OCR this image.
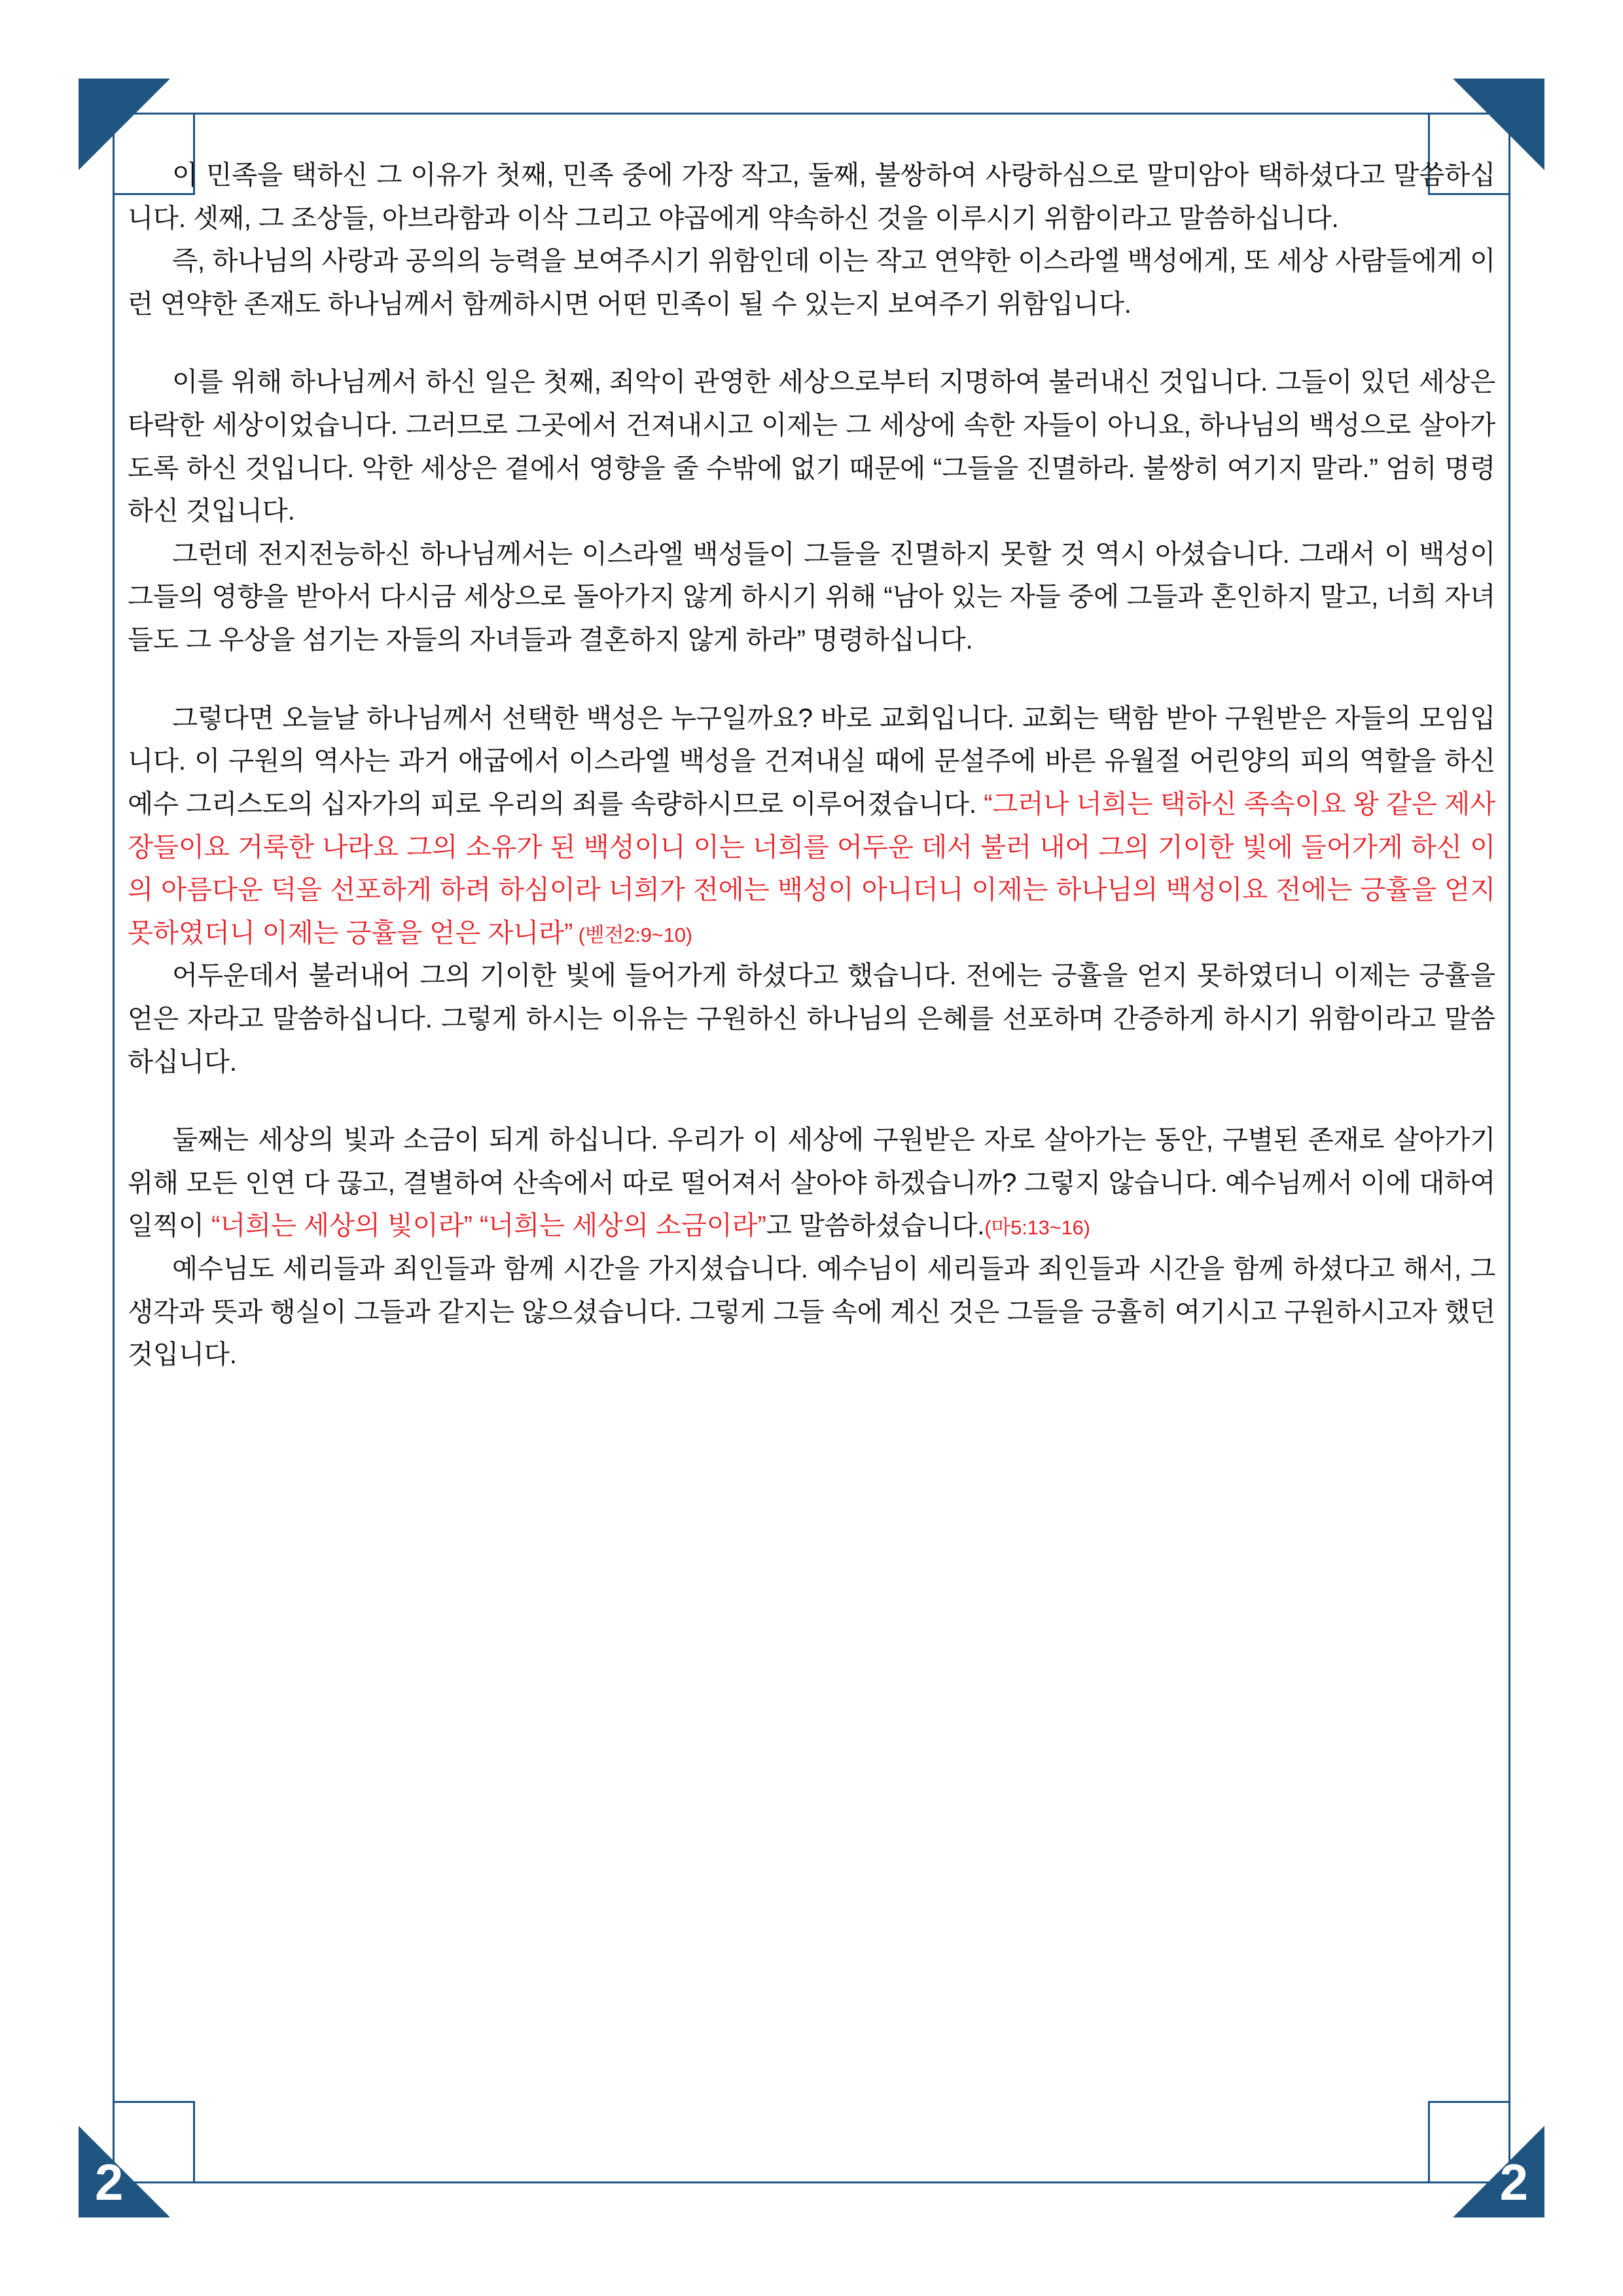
2	2

이 민족을 택하신 그 이유가 첫째, 민족 중에 가장 작고, 둘째, 불쌍하여 사랑하심으로 말미암아 택하셨다고 말씀하십니다. 셋째, 그 조상들, 아브라함과 이삭 그리고 야곱에게 약속하신 것을 이루시기 위함이라고 말씀하십니다.

즉, 하나님의 사랑과 공의의 능력을 보여주시기 위함인데 이는 작고 연약한 이스라엘 백성에게, 또 세상 사람들에게 이런 연약한 존재도 하나님께서 함께하시면 어떤 민족이 될 수 있는지 보여주기 위함입니다.

이를 위해 하나님께서 하신 일은 첫째, 죄악이 관영한 세상으로부터 지명하여 불러내신 것입니다. 그들이 있던 세상은 타락한 세상이었습니다. 그러므로 그곳에서 건져내시고 이제는 그 세상에 속한 자들이 아니요, 하나님의 백성으로 살아가도록 하신 것입니다. 악한 세상은 곁에서 영향을 줄 수밖에 없기 때문에 “그들을 진멸하라. 불쌍히 여기지 말라.” 엄히 명령하신 것입니다.

그런데 전지전능하신 하나님께서는 이스라엘 백성들이 그들을 진멸하지 못할 것 역시 아셨습니다. 그래서 이 백성이 그들의 영향을 받아서 다시금 세상으로 돌아가지 않게 하시기 위해 “남아 있는 자들 중에 그들과 혼인하지 말고, 너희 자녀들도 그 우상을 섬기는 자들의 자녀들과 결혼하지 않게 하라” 명령하십니다.

그렇다면 오늘날 하나님께서 선택한 백성은 누구일까요? 바로 교회입니다. 교회는 택함 받아 구원받은 자들의 모임입니다. 이 구원의 역사는 과거 애굽에서 이스라엘 백성을 건져내실 때에 문설주에 바른 유월절 어린양의 피의 역할을 하신 예수 그리스도의 십자가의 피로 우리의 죄를 속량하시므로 이루어졌습니다. “그러나 너희는 택하신 족속이요 왕 같은 제사장들이요 거룩한 나라요 그의 소유가 된 백성이니 이는 너희를 어두운 데서 불러 내어 그의 기이한 빛에 들어가게 하신 이의 아름다운 덕을 선포하게 하려 하심이라 너희가 전에는 백성이 아니더니 이제는 하나님의 백성이요 전에는 긍휼을 얻지 못하였더니 이제는 긍휼을 얻은 자니라” (벧전2:9~10)

어두운데서 불러내어 그의 기이한 빛에 들어가게 하셨다고 했습니다. 전에는 긍휼을 얻지 못하였더니 이제는 긍휼을 얻은 자라고 말씀하십니다. 그렇게 하시는 이유는 구원하신 하나님의 은혜를 선포하며 간증하게 하시기 위함이라고 말씀하십니다.

둘째는 세상의 빛과 소금이 되게 하십니다. 우리가 이 세상에 구원받은 자로 살아가는 동안, 구별된 존재로 살아가기 위해 모든 인연 다 끊고, 결별하여 산속에서 따로 떨어져서 살아야 하겠습니까? 그렇지 않습니다. 예수님께서 이에 대하여 일찍이 “너희는 세상의 빛이라” “너희는 세상의 소금이라”고 말씀하셨습니다.(마5:13~16)

예수님도 세리들과 죄인들과 함께 시간을 가지셨습니다. 예수님이 세리들과 죄인들과 시간을 함께 하셨다고 해서, 그 생각과 뜻과 행실이 그들과 같지는 않으셨습니다. 그렇게 그들 속에 계신 것은 그들을 긍휼히 여기시고 구원하시고자 했던 것입니다.
